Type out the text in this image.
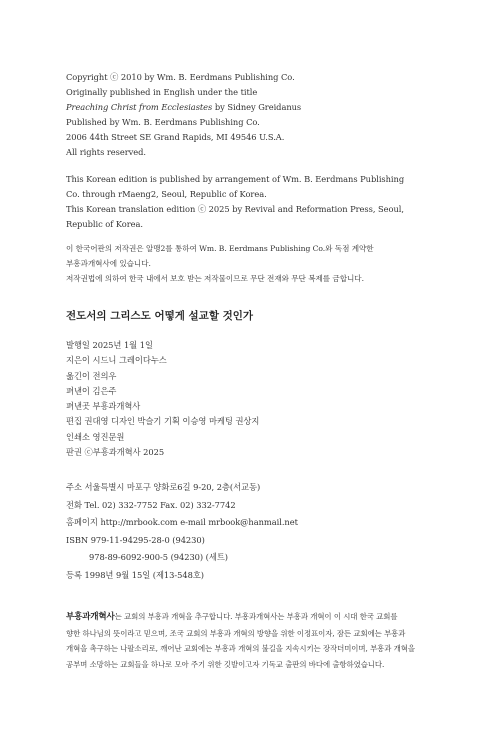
Copyright ⓒ 2010 by Wm. B. Eerdmans Publishing Co.
Originally published in English under the title
Preaching Christ from Ecclesiastes by Sidney Greidanus
Published by Wm. B. Eerdmans Publishing Co.
2006 44th Street SE Grand Rapids, MI 49546 U.S.A.
All rights reserved.
This Korean edition is published by arrangement of Wm. B. Eerdmans Publishing
Co. through rMaeng2, Seoul, Republic of Korea.
This Korean translation edition ⓒ 2025 by Revival and Reformation Press, Seoul,
Republic of Korea.
이 한국어판의 저작권은 알맹2를 통하여 Wm. B. Eerdmans Publishing Co.와 독점 계약한
부흥과개혁사에 있습니다.
저작권법에 의하여 한국 내에서 보호 받는 저작물이므로 무단 전재와 무단 복제를 금합니다.
전도서의 그리스도 어떻게 설교할 것인가
발행일 2025년 1월 1일
지은이 시드니 그레이다누스
옮긴이 전의우
펴낸이 김은주
펴낸곳 부흥과개혁사
편집 권대영 디자인 박슬기 기획 이승영 마케팅 권상지
인쇄소 영진문원
판권 ⓒ부흥과개혁사 2025
주소 서울특별시 마포구 양화로6길 9-20, 2층(서교동)
전화 Tel. 02) 332-7752 Fax. 02) 332-7742
홈페이지 http://mrbook.com e-mail mrbook@hanmail.net
ISBN 979-11-94295-28-0 (94230)
978-89-6092-900-5 (94230) (세트)
등록 1998년 9월 15일 (제13-548호)
부흥과개혁사는 교회의 부흥과 개혁을 추구합니다. 부흥과개혁사는 부흥과 개혁이 이 시대 한국 교회를
향한 하나님의 뜻이라고 믿으며, 조국 교회의 부흥과 개혁의 방향을 위한 이정표이자, 잠든 교회에는 부흥과
개혁을 촉구하는 나팔소리로, 깨어난 교회에는 부흥과 개혁의 불길을 지속시키는 장작더미이며, 부흥과 개혁을
공부며 소망하는 교회들을 하나로 모아 주기 위한 깃발이고자 기독교 출판의 바다에 출항하였습니다.
